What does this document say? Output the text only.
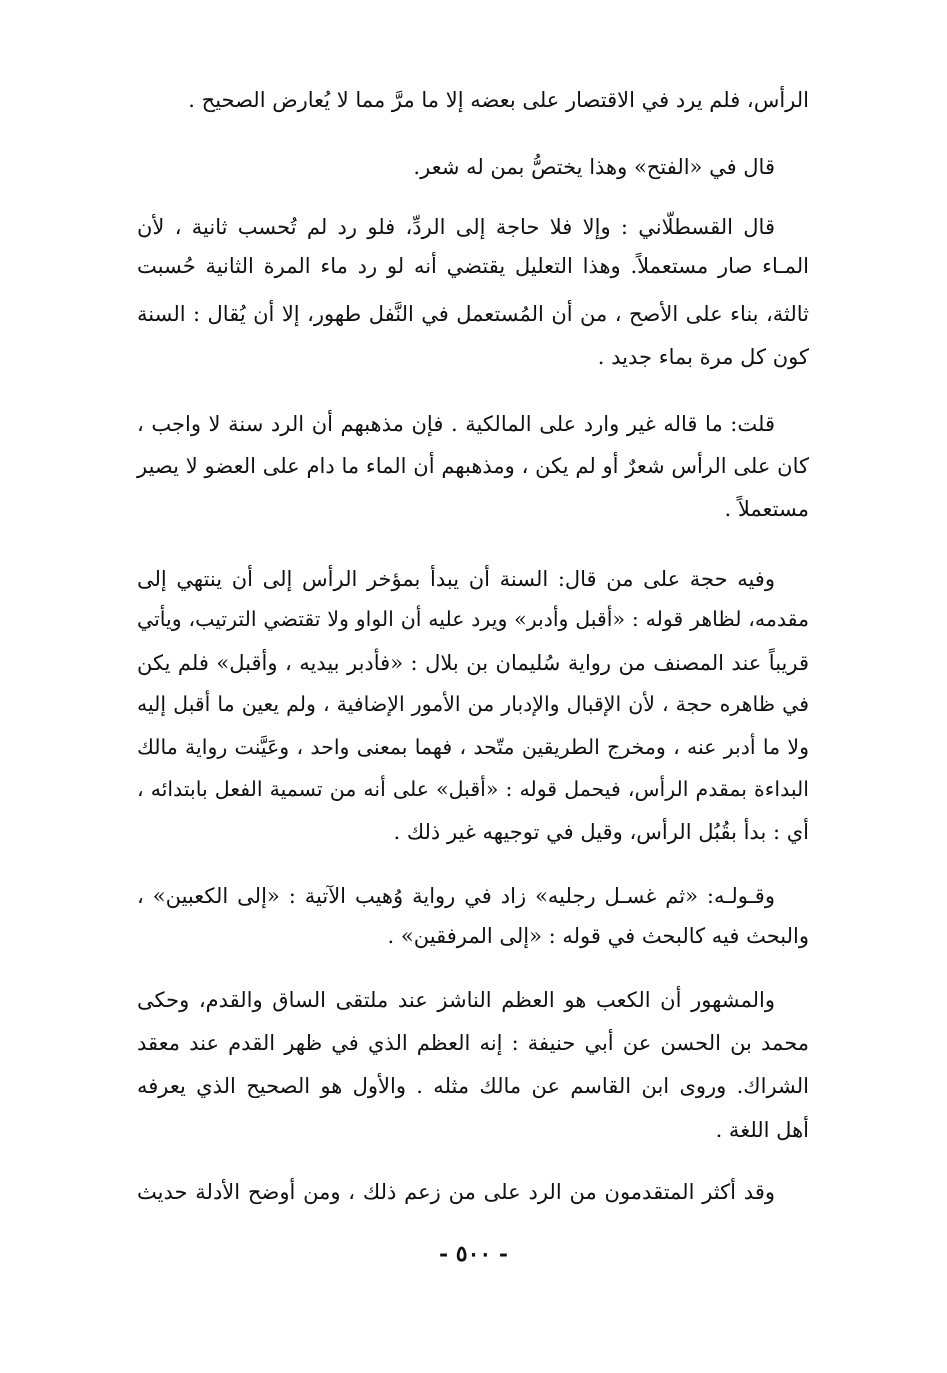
الرأس، فلم يرد في الاقتصار على بعضه إلا ما مرَّ مما لا يُعارض الصحيح .
قال في «الفتح» وهذا يختصُّ بمن له شعر.
قال القسطلّاني : وإلا فلا حاجة إلى الردِّ، فلو رد لم تُحسب ثانية ، لأن
المـاء صار مستعملاً. وهذا التعليل يقتضي أنه لو رد ماء المرة الثانية حُسبت
ثالثة، بناء على الأصح ، من أن المُستعمل في النَّفل طهور، إلا أن يُقال : السنة
كون كل مرة بماء جديد .
قلت: ما قاله غير وارد على المالكية . فإن مذهبهم أن الرد سنة لا واجب ،
كان على الرأس شعرٌ أو لم يكن ، ومذهبهم أن الماء ما دام على العضو لا يصير
مستعملاً .
وفيه حجة على من قال: السنة أن يبدأ بمؤخر الرأس إلى أن ينتهي إلى
مقدمه، لظاهر قوله : «أقبل وأدبر» ويرد عليه أن الواو ولا تقتضي الترتيب، ويأتي
قريباً عند المصنف من رواية سُليمان بن بلال : «فأدبر بيديه ، وأقبل» فلم يكن
في ظاهره حجة ، لأن الإقبال والإدبار من الأمور الإضافية ، ولم يعين ما أقبل إليه
ولا ما أدبر عنه ، ومخرج الطريقين متّحد ، فهما بمعنى واحد ، وعَيَّنت رواية مالك
البداءة بمقدم الرأس، فيحمل قوله : «أقبل» على أنه من تسمية الفعل بابتدائه ،
أي : بدأ بقُبُل الرأس، وقيل في توجيهه غير ذلك .
وقـولـه: «ثم غسـل رجليه» زاد في رواية وُهيب الآتية : «إلى الكعبين» ،
والبحث فيه كالبحث في قوله : «إلى المرفقين» .
والمشهور أن الكعب هو العظم الناشز عند ملتقى الساق والقدم، وحكى
محمد بن الحسن عن أبي حنيفة : إنه العظم الذي في ظهر القدم عند معقد
الشراك. وروى ابن القاسم عن مالك مثله . والأول هو الصحيح الذي يعرفه
أهل اللغة .
وقد أكثر المتقدمون من الرد على من زعم ذلك ، ومن أوضح الأدلة حديث
- ٥٠٠ -
